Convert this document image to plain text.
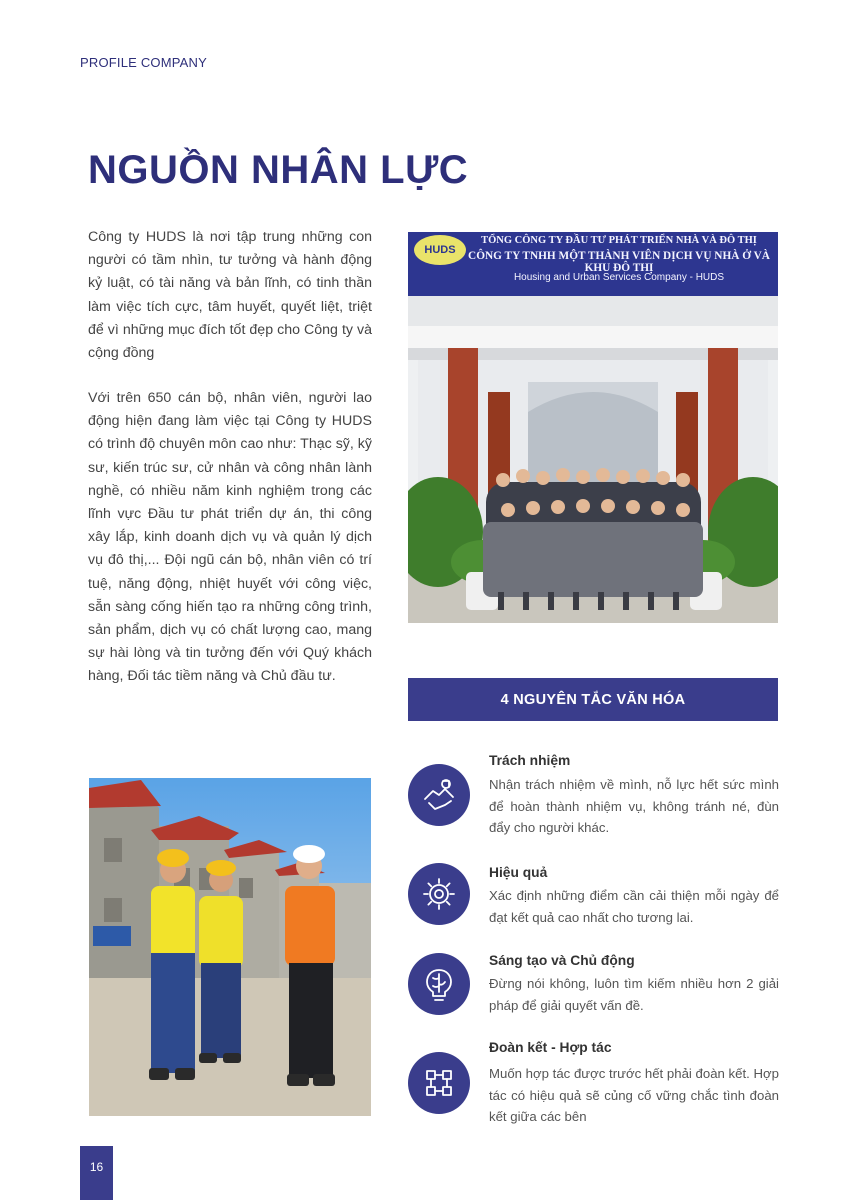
PROFILE COMPANY
NGUỒN NHÂN LỰC

Công ty HUDS là nơi tập trung những con người có tầm nhìn, tư tưởng và hành động kỷ luật, có tài năng và bản lĩnh, có tinh thần làm việc tích cực, tâm huyết, quyết liệt, triệt để vì những mục đích tốt đẹp cho Công ty và cộng đồng

Với trên 650 cán bộ, nhân viên, người lao động hiện đang làm việc tại Công ty HUDS có trình độ chuyên môn cao như: Thạc sỹ, kỹ sư, kiến trúc sư, cử nhân và công nhân lành nghề, có nhiều năm kinh nghiệm trong các lĩnh vực Đầu tư phát triển dự án, thi công xây lắp, kinh doanh dịch vụ và quản lý dịch vụ đô thị,... Đội ngũ cán bộ, nhân viên có trí tuệ, năng động, nhiệt huyết với công việc, sẵn sàng cống hiến tạo ra những công trình, sản phẩm, dịch vụ có chất lượng cao, mang sự hài lòng và tin tưởng đến với Quý khách hàng, Đối tác tiềm năng và Chủ đầu tư.

HUDS
TỔNG CÔNG TY ĐẦU TƯ PHÁT TRIỂN NHÀ VÀ ĐÔ THỊ
CÔNG TY TNHH MỘT THÀNH VIÊN DỊCH VỤ NHÀ Ở VÀ KHU ĐÔ THỊ
Housing and Urban Services Company - HUDS
4 NGUYÊN TẮC VĂN HÓA
Trách nhiệm
Nhận trách nhiệm về mình, nỗ lực hết sức mình để hoàn thành nhiệm vụ, không tránh né, đùn đẩy cho người khác.
Hiệu quả
Xác định những điểm cần cải thiện mỗi ngày để đạt kết quả cao nhất cho tương lai.
Sáng tạo và Chủ động
Đừng nói không, luôn tìm kiếm nhiều hơn 2 giải pháp để giải quyết vấn đề.
Đoàn kết - Hợp tác
Muốn hợp tác được trước hết phải đoàn kết. Hợp tác có hiệu quả sẽ củng cố vững chắc tình đoàn kết giữa các bên
16
